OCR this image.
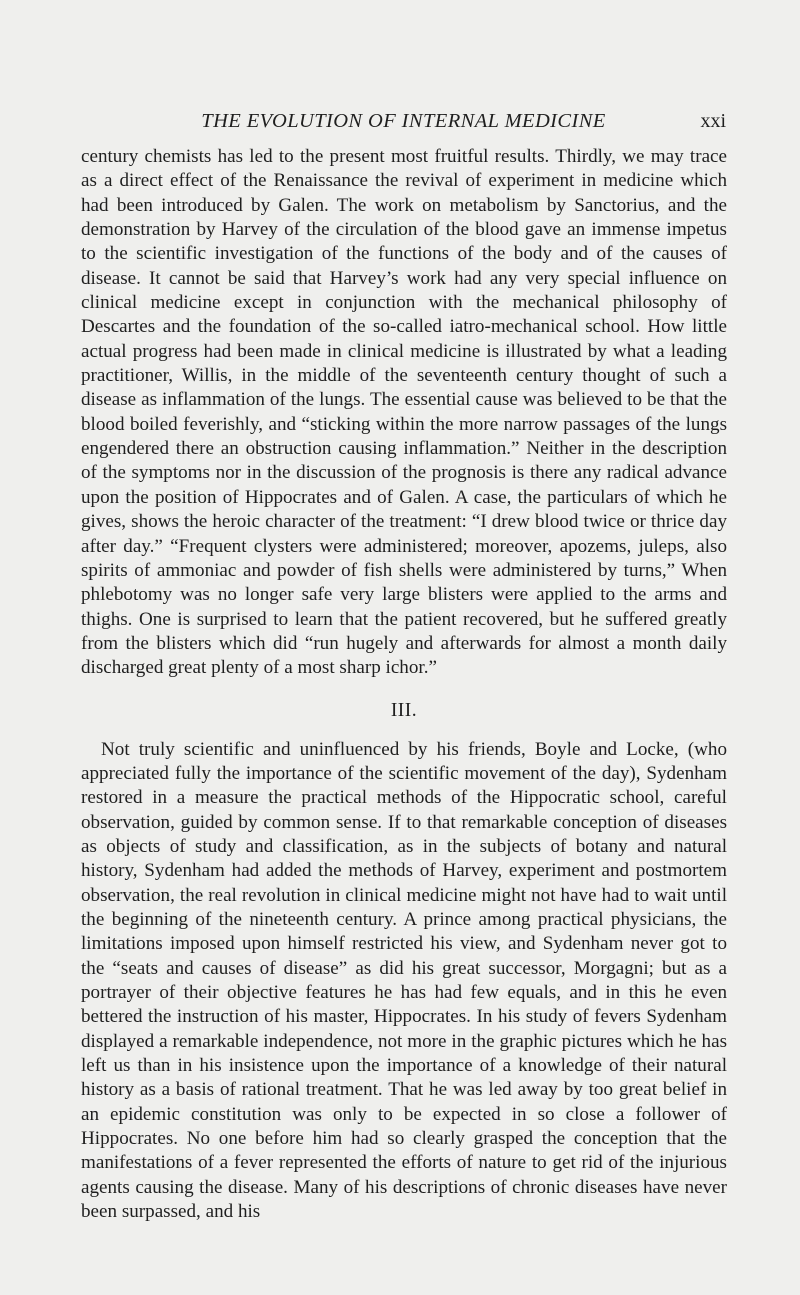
THE EVOLUTION OF INTERNAL MEDICINE	xxi

century chemists has led to the present most fruitful results. Thirdly, we may trace as a direct effect of the Renaissance the revival of experiment in medicine which had been introduced by Galen. The work on metabolism by Sanctorius, and the demonstration by Harvey of the circulation of the blood gave an immense impetus to the scientific investigation of the functions of the body and of the causes of disease. It cannot be said that Harvey’s work had any very special influence on clinical medicine except in conjunction with the mechanical philosophy of Descartes and the foundation of the so-called iatro-mechanical school. How little actual progress had been made in clinical medicine is illustrated by what a leading practitioner, Willis, in the middle of the seventeenth century thought of such a disease as inflammation of the lungs. The essential cause was believed to be that the blood boiled feverishly, and “sticking within the more narrow passages of the lungs engendered there an obstruction causing inflammation.” Neither in the description of the symptoms nor in the discussion of the prognosis is there any radical advance upon the position of Hippocrates and of Galen. A case, the particulars of which he gives, shows the heroic character of the treatment: “I drew blood twice or thrice day after day.” “Frequent clysters were administered; moreover, apozems, juleps, also spirits of ammoniac and powder of fish shells were administered by turns,” When phlebotomy was no longer safe very large blisters were applied to the arms and thighs. One is surprised to learn that the patient recovered, but he suffered greatly from the blisters which did “run hugely and afterwards for almost a month daily discharged great plenty of a most sharp ichor.”

III.

Not truly scientific and uninfluenced by his friends, Boyle and Locke, (who appreciated fully the importance of the scientific movement of the day), Sydenham restored in a measure the practical methods of the Hippocratic school, careful observation, guided by common sense. If to that remarkable conception of diseases as objects of study and classification, as in the subjects of botany and natural history, Sydenham had added the methods of Harvey, experiment and postmortem observation, the real revolution in clinical medicine might not have had to wait until the beginning of the nineteenth century. A prince among practical physicians, the limitations imposed upon himself restricted his view, and Sydenham never got to the “seats and causes of disease” as did his great successor, Morgagni; but as a portrayer of their objective features he has had few equals, and in this he even bettered the instruction of his master, Hippocrates. In his study of fevers Sydenham displayed a remarkable independence, not more in the graphic pictures which he has left us than in his insistence upon the importance of a knowledge of their natural history as a basis of rational treatment. That he was led away by too great belief in an epidemic constitution was only to be expected in so close a follower of Hippocrates. No one before him had so clearly grasped the conception that the manifestations of a fever represented the efforts of nature to get rid of the injurious agents causing the disease. Many of his descriptions of chronic diseases have never been surpassed, and his
